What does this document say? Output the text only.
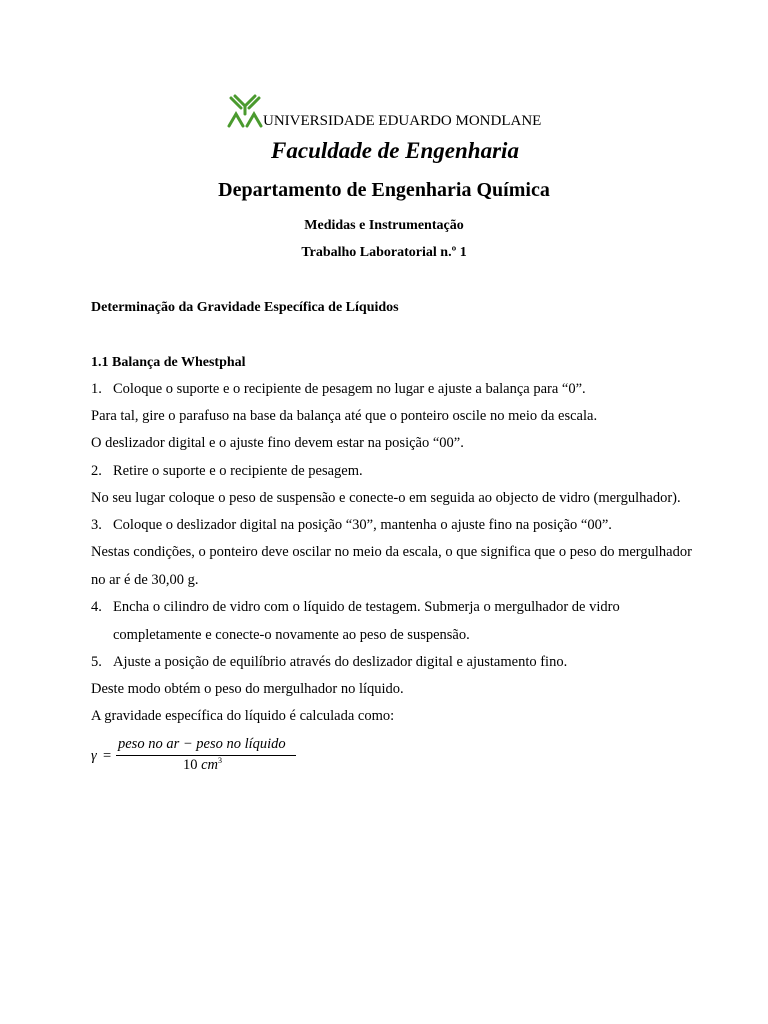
UNIVERSIDADE EDUARDO MONDLANE
Faculdade de Engenharia
Departamento de Engenharia Química
Medidas e Instrumentação
Trabalho Laboratorial n.º 1
Determinação da Gravidade Específica de Líquidos
1.1 Balança de Whestphal
1. Coloque o suporte e o recipiente de pesagem no lugar e ajuste a balança para “0”.
Para tal, gire o parafuso na base da balança até que o ponteiro oscile no meio da escala.
O deslizador digital e o ajuste fino devem estar na posição “00”.
2. Retire o suporte e o recipiente de pesagem.
No seu lugar coloque o peso de suspensão e conecte-o em seguida ao objecto de vidro (mergulhador).
3. Coloque o deslizador digital na posição “30”, mantenha o ajuste fino na posição “00”.
Nestas condições, o ponteiro deve oscilar no meio da escala, o que significa que o peso do mergulhador
no ar é de 30,00 g.
4. Encha o cilindro de vidro com o líquido de testagem. Submerja o mergulhador de vidro
completamente e conecte-o novamente ao peso de suspensão.
5. Ajuste a posição de equilíbrio através do deslizador digital e ajustamento fino.
Deste modo obtém o peso do mergulhador no líquido.
A gravidade específica do líquido é calculada como:
γ =
peso no ar − peso no líquido
10 $cm^3$
